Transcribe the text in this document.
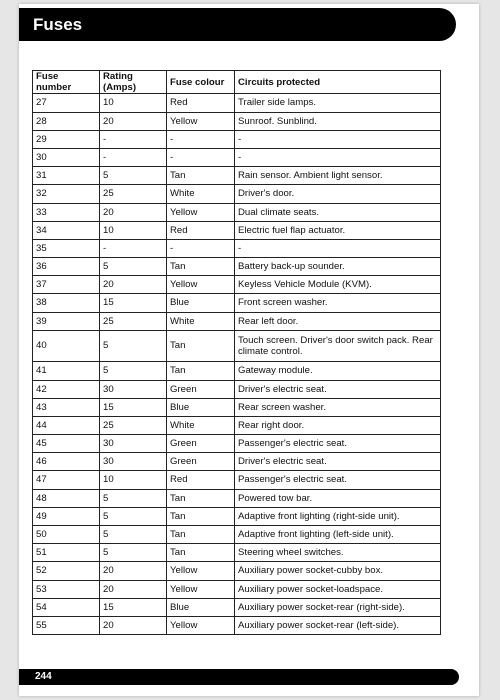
Fuses
Fuse number	Rating (Amps)	Fuse colour	Circuits protected
27	10	Red	Trailer side lamps.
28	20	Yellow	Sunroof. Sunblind.
29	-	-	-
30	-	-	-
31	5	Tan	Rain sensor. Ambient light sensor.
32	25	White	Driver's door.
33	20	Yellow	Dual climate seats.
34	10	Red	Electric fuel flap actuator.
35	-	-	-
36	5	Tan	Battery back-up sounder.
37	20	Yellow	Keyless Vehicle Module (KVM).
38	15	Blue	Front screen washer.
39	25	White	Rear left door.
40	5	Tan	Touch screen. Driver's door switch pack. Rear climate control.
41	5	Tan	Gateway module.
42	30	Green	Driver's electric seat.
43	15	Blue	Rear screen washer.
44	25	White	Rear right door.
45	30	Green	Passenger's electric seat.
46	30	Green	Driver's electric seat.
47	10	Red	Passenger's electric seat.
48	5	Tan	Powered tow bar.
49	5	Tan	Adaptive front lighting (right-side unit).
50	5	Tan	Adaptive front lighting (left-side unit).
51	5	Tan	Steering wheel switches.
52	20	Yellow	Auxiliary power socket-cubby box.
53	20	Yellow	Auxiliary power socket-loadspace.
54	15	Blue	Auxiliary power socket-rear (right-side).
55	20	Yellow	Auxiliary power socket-rear (left-side).
244
